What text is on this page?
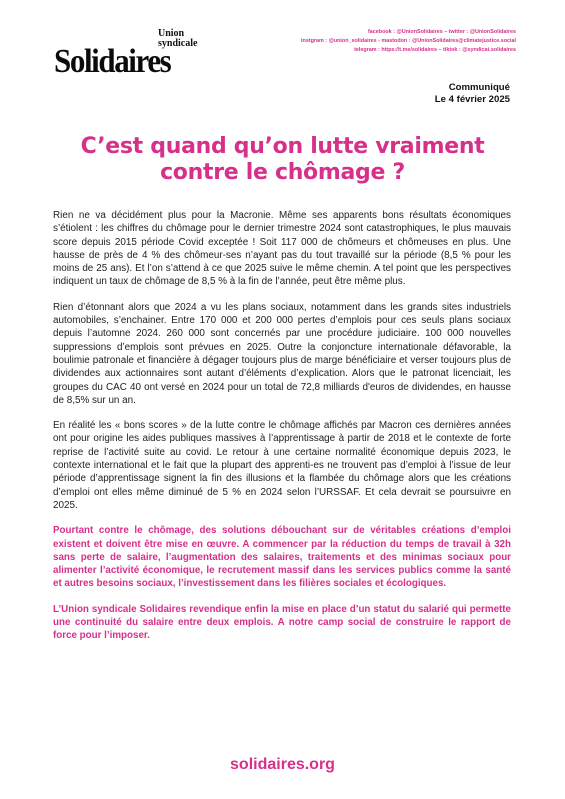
Union
syndicale
Solidaires
facebook : @UnionSolidaires – twitter : @UnionSolidaires
instgram : @union_solidaires - mastodon : @UnionSolidaires@climatejustice.social
telegram : https://t.me/solidaires – tiktok : @syndicat.solidaires
Communiqué
Le 4 février 2025
C’est quand qu’on lutte vraiment contre le chômage ?

Rien ne va décidément plus pour la Macronie. Même ses apparents bons résultats économiques s’étiolent : les chiffres du chômage pour le dernier trimestre 2024 sont catastrophiques, le plus mauvais score depuis 2015 période Covid exceptée ! Soit 117 000 de chômeurs et chômeuses en plus. Une hausse de près de 4 % des chômeur-ses n’ayant pas du tout travaillé sur la période (8,5 % pour les moins de 25 ans). Et l’on s’attend à ce que 2025 suive le même chemin. A tel point que les perspectives indiquent un taux de chômage de 8,5 % à la fin de l’année, peut être même plus.

Rien d’étonnant alors que 2024 a vu les plans sociaux, notamment dans les grands sites industriels automobiles, s’enchainer. Entre 170 000 et 200 000 pertes d’emplois pour ces seuls plans sociaux depuis l’automne 2024. 260 000 sont concernés par une procédure judiciaire. 100 000 nouvelles suppressions d’emplois sont prévues en 2025. Outre la conjoncture internationale défavorable, la boulimie patronale et financière à dégager toujours plus de marge bénéficiaire et verser toujours plus de dividendes aux actionnaires sont autant d’éléments d’explication. Alors que le patronat licenciait, les groupes du CAC 40 ont versé en 2024 pour un total de 72,8 milliards d'euros de dividendes, en hausse de 8,5% sur un an.

En réalité les « bons scores » de la lutte contre le chômage affichés par Macron ces dernières années ont pour origine les aides publiques massives à l’apprentissage à partir de 2018 et le contexte de forte reprise de l’activité suite au covid. Le retour à une certaine normalité économique depuis 2023, le contexte international et le fait que la plupart des apprenti-es ne trouvent pas d’emploi à l’issue de leur période d’apprentissage signent la fin des illusions et la flambée du chômage alors que les créations d’emploi ont elles même diminué de 5 % en 2024 selon l’URSSAF. Et cela devrait se poursuivre en 2025.

Pourtant contre le chômage, des solutions débouchant sur de véritables créations d’emploi existent et doivent être mise en œuvre. A commencer par la réduction du temps de travail à 32h sans perte de salaire, l’augmentation des salaires, traitements et des minimas sociaux pour alimenter l’activité économique, le recrutement massif dans les services publics comme la santé et autres besoins sociaux, l’investissement dans les filières sociales et écologiques.

L’Union syndicale Solidaires revendique enfin la mise en place d’un statut du salarié qui permette une continuité du salaire entre deux emplois. A notre camp social de construire le rapport de force pour l’imposer.

solidaires.org
